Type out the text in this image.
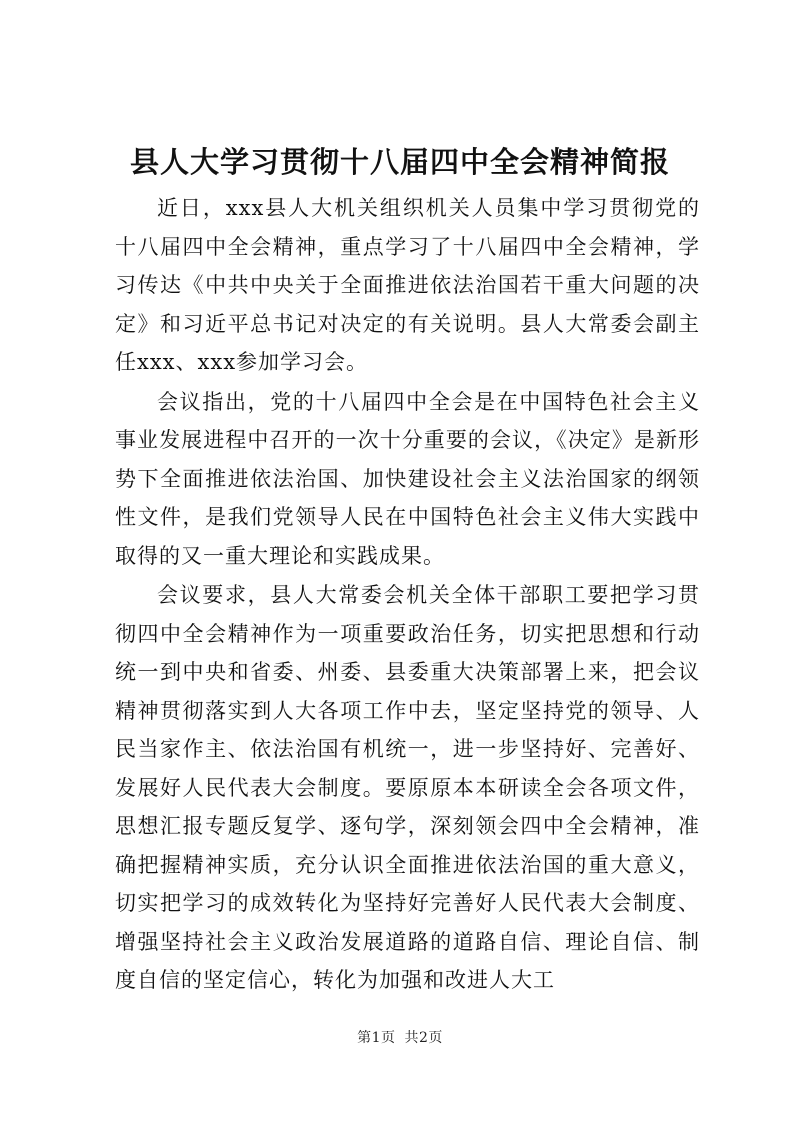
县人大学习贯彻十八届四中全会精神简报

近日，xxx县人大机关组织机关人员集中学习贯彻党的十八届四中全会精神，重点学习了十八届四中全会精神，学习传达《中共中央关于全面推进依法治国若干重大问题的决定》和习近平总书记对决定的有关说明。县人大常委会副主任xxx、xxx参加学习会。

会议指出，党的十八届四中全会是在中国特色社会主义事业发展进程中召开的一次十分重要的会议，《决定》是新形势下全面推进依法治国、加快建设社会主义法治国家的纲领性文件，是我们党领导人民在中国特色社会主义伟大实践中取得的又一重大理论和实践成果。

会议要求，县人大常委会机关全体干部职工要把学习贯彻四中全会精神作为一项重要政治任务，切实把思想和行动统一到中央和省委、州委、县委重大决策部署上来，把会议精神贯彻落实到人大各项工作中去，坚定坚持党的领导、人民当家作主、依法治国有机统一，进一步坚持好、完善好、发展好人民代表大会制度。要原原本本研读全会各项文件，思想汇报专题反复学、逐句学，深刻领会四中全会精神，准确把握精神实质，充分认识全面推进依法治国的重大意义，切实把学习的成效转化为坚持好完善好人民代表大会制度、增强坚持社会主义政治发展道路的道路自信、理论自信、制度自信的坚定信心，转化为加强和改进人大工

第1页 共2页
